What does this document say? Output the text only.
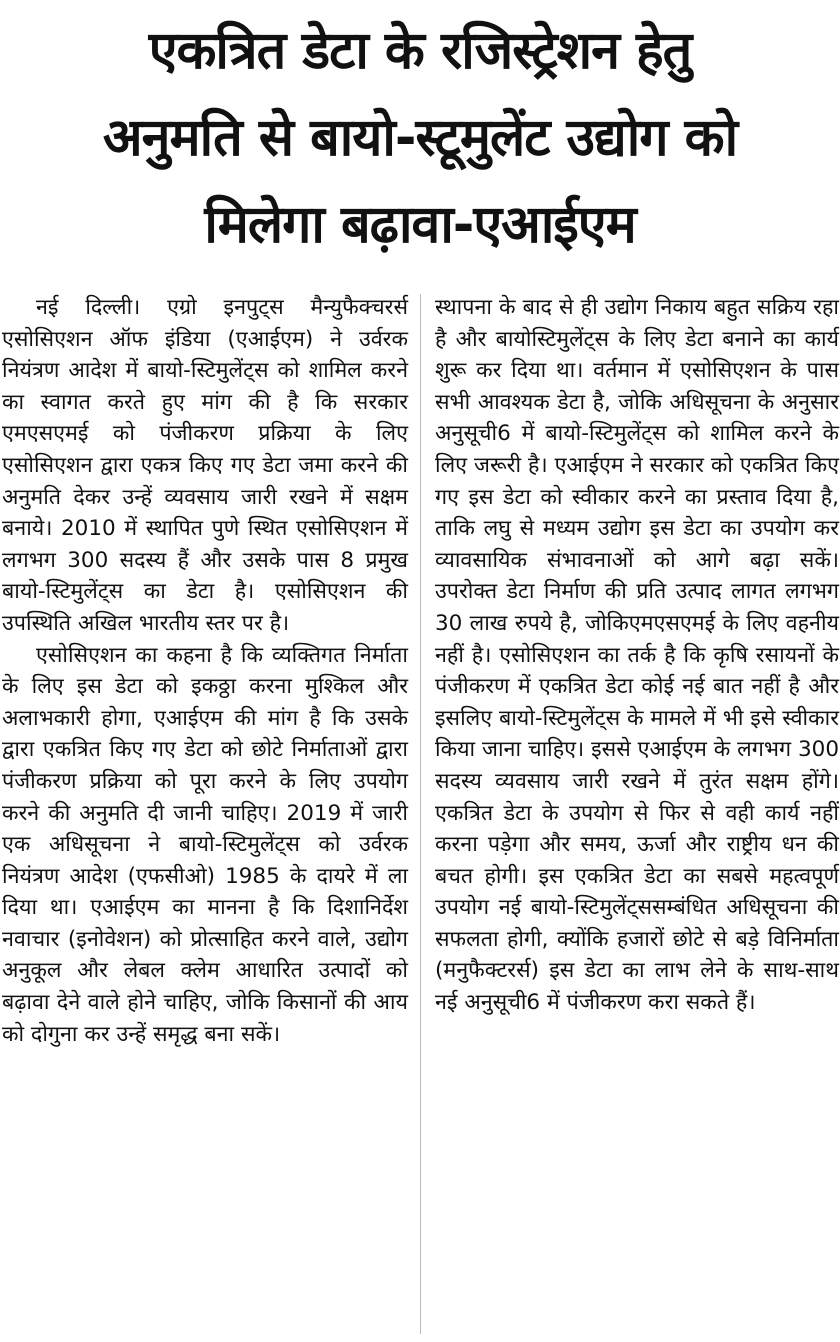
एकत्रित डेटा के रजिस्ट्रेशन हेतु
अनुमति से बायो-स्टूमुलेंट उद्योग को
मिलेगा बढ़ावा-एआईएम

नई दिल्ली। एग्रो इनपुट्स मैन्युफैक्चरर्स एसोसिएशन ऑफ इंडिया (एआईएम) ने उर्वरक नियंत्रण आदेश में बायो-स्टिमुलेंट्स को शामिल करने का स्वागत करते हुए मांग की है कि सरकार एमएसएमई को पंजीकरण प्रक्रिया के लिए एसोसिएशन द्वारा एकत्र किए गए डेटा जमा करने की अनुमति देकर उन्हें व्यवसाय जारी रखने में सक्षम बनाये। 2010 में स्थापित पुणे स्थित एसोसिएशन में लगभग 300 सदस्य हैं और उसके पास 8 प्रमुख बायो-स्टिमुलेंट्स का डेटा है। एसोसिएशन की उपस्थिति अखिल भारतीय स्तर पर है।

एसोसिएशन का कहना है कि व्यक्तिगत निर्माता के लिए इस डेटा को इकठ्ठा करना मुश्किल और अलाभकारी होगा, एआईएम की मांग है कि उसके द्वारा एकत्रित किए गए डेटा को छोटे निर्माताओं द्वारा पंजीकरण प्रक्रिया को पूरा करने के लिए उपयोग करने की अनुमति दी जानी चाहिए। 2019 में जारी एक अधिसूचना ने बायो-स्टिमुलेंट्स को उर्वरक नियंत्रण आदेश (एफसीओ) 1985 के दायरे में ला दिया था। एआईएम का मानना है कि दिशानिर्देश नवाचार (इनोवेशन) को प्रोत्साहित करने वाले, उद्योग अनुकूल और लेबल क्लेम आधारित उत्पादों को बढ़ावा देने वाले होने चाहिए, जोकि किसानों की आय को दोगुना कर उन्हें समृद्ध बना सकें।

स्थापना के बाद से ही उद्योग निकाय बहुत सक्रिय रहा है और बायोस्टिमुलेंट्स के लिए डेटा बनाने का कार्य शुरू कर दिया था। वर्तमान में एसोसिएशन के पास सभी आवश्यक डेटा है, जोकि अधिसूचना के अनुसार अनुसूची6 में बायो-स्टिमुलेंट्स को शामिल करने के लिए जरूरी है। एआईएम ने सरकार को एकत्रित किए गए इस डेटा को स्वीकार करने का प्रस्ताव दिया है, ताकि लघु से मध्यम उद्योग इस डेटा का उपयोग कर व्यावसायिक संभावनाओं को आगे बढ़ा सकें। उपरोक्त डेटा निर्माण की प्रति उत्पाद लागत लगभग 30 लाख रुपये है, जोकिएमएसएमई के लिए वहनीय नहीं है। एसोसिएशन का तर्क है कि कृषि रसायनों के पंजीकरण में एकत्रित डेटा कोई नई बात नहीं है और इसलिए बायो-स्टिमुलेंट्स के मामले में भी इसे स्वीकार किया जाना चाहिए। इससे एआईएम के लगभग 300 सदस्य व्यवसाय जारी रखने में तुरंत सक्षम होंगे। एकत्रित डेटा के उपयोग से फिर से वही कार्य नहीं करना पड़ेगा और समय, ऊर्जा और राष्ट्रीय धन की बचत होगी। इस एकत्रित डेटा का सबसे महत्वपूर्ण उपयोग नई बायो-स्टिमुलेंट्ससम्बंधित अधिसूचना की सफलता होगी, क्योंकि हजारों छोटे से बड़े विनिर्माता (मनुफैक्टरर्स) इस डेटा का लाभ लेने के साथ-साथ नई अनुसूची6 में पंजीकरण करा सकते हैं।
